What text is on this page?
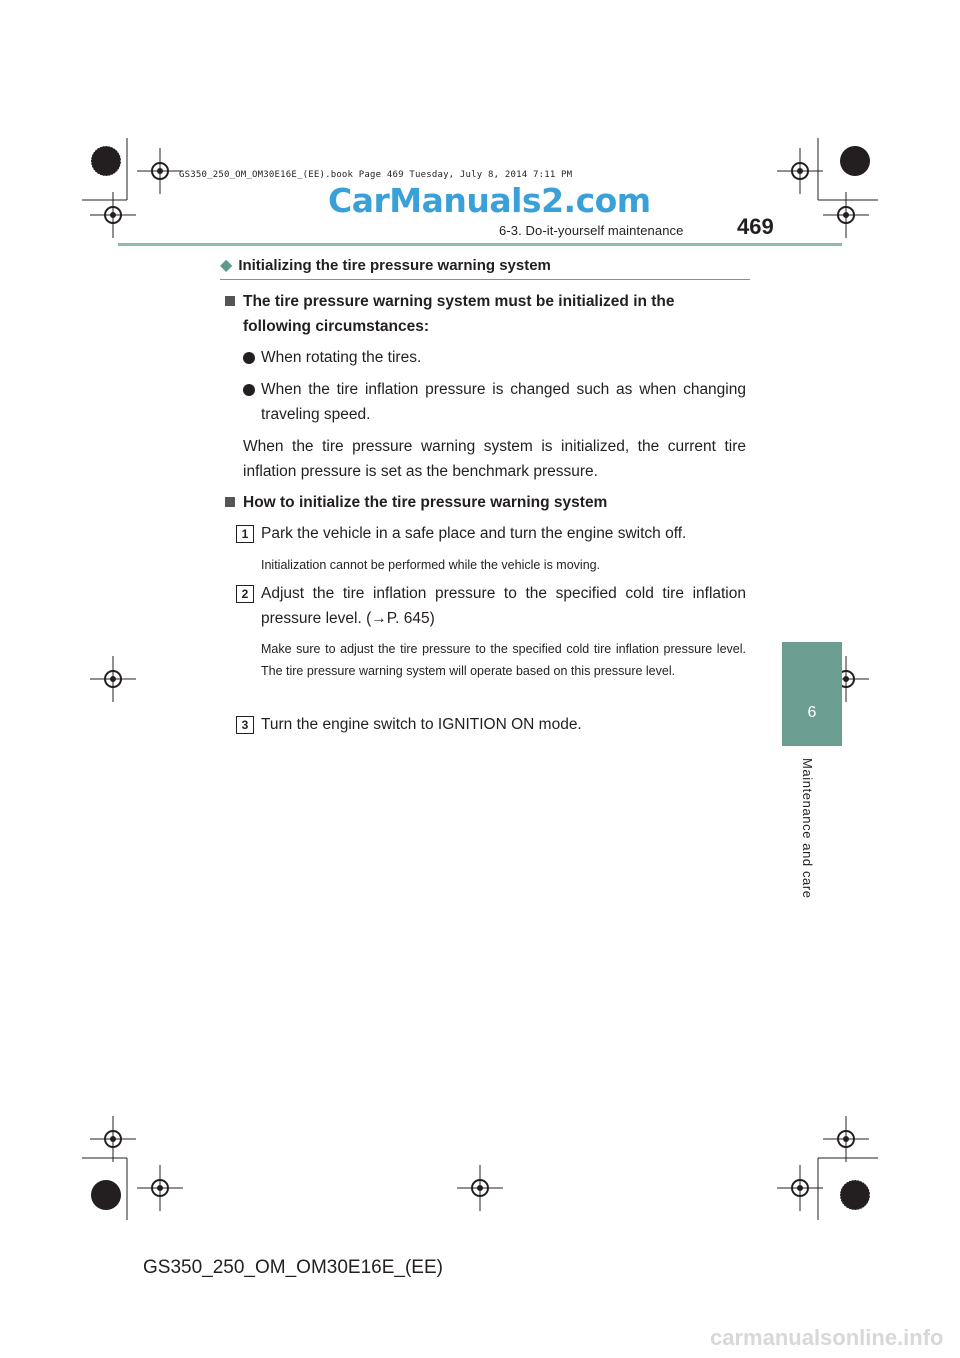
GS350_250_OM_OM30E16E_(EE).book Page 469 Tuesday, July 8, 2014 7:11 PM
CarManuals2.com
6-3. Do-it-yourself maintenance 469
6
Maintenance and care
◆ Initializing the tire pressure warning system
The tire pressure warning system must be initialized in the following circumstances:
When rotating the tires.
When the tire inflation pressure is changed such as when changing traveling speed.
When the tire pressure warning system is initialized, the current tire inflation pressure is set as the benchmark pressure.
How to initialize the tire pressure warning system
1 Park the vehicle in a safe place and turn the engine switch off.
Initialization cannot be performed while the vehicle is moving.
2 Adjust the tire inflation pressure to the specified cold tire inflation pressure level. (→P. 645)
Make sure to adjust the tire pressure to the specified cold tire inflation pressure level. The tire pressure warning system will operate based on this pressure level.
3 Turn the engine switch to IGNITION ON mode.
GS350_250_OM_OM30E16E_(EE)
carmanualsonline.info
